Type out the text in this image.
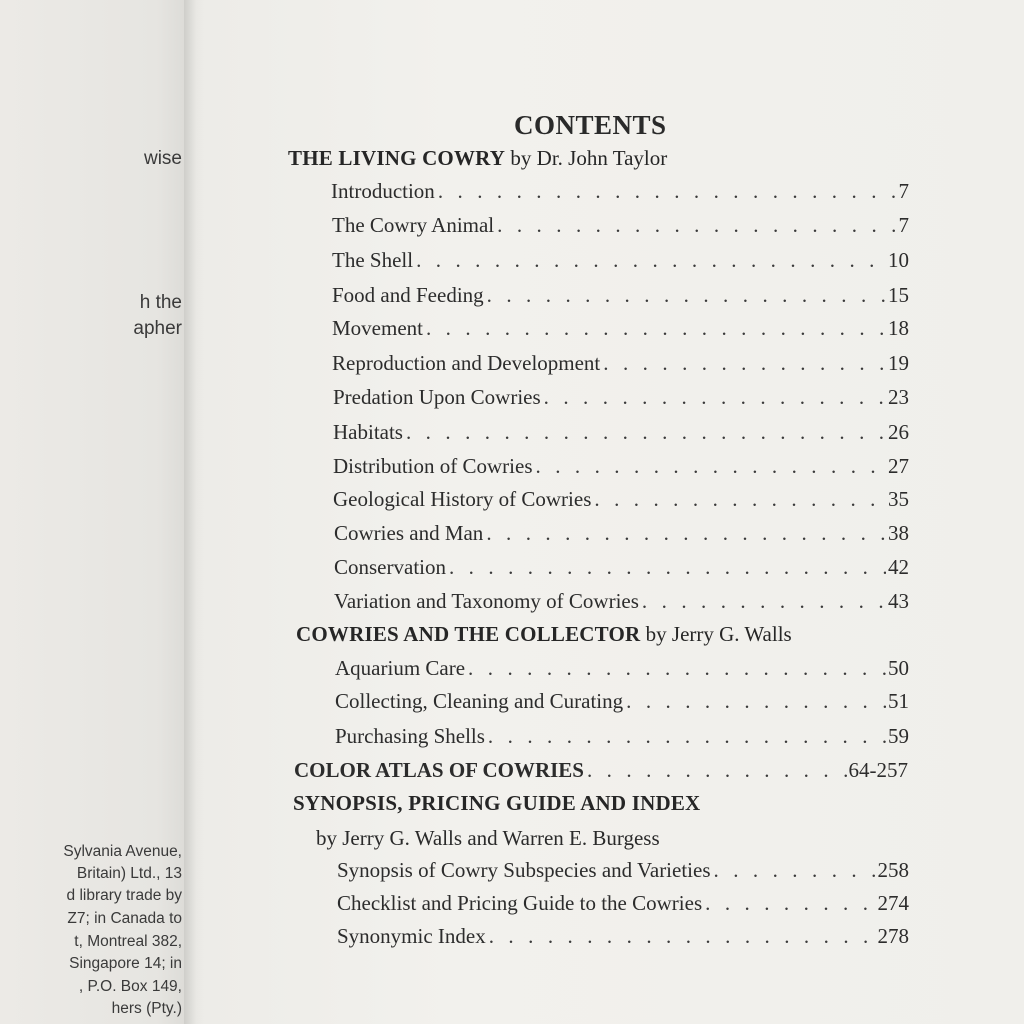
wise
h the
apher
Sylvania Avenue,
Britain) Ltd., 13
d library trade by
Z7; in Canada to
t, Montreal 382,
Singapore 14; in
, P.O. Box 149,
hers (Pty.)
CONTENTS
THE LIVING COWRY by Dr. John Taylor
Introduction . . .	7
The Cowry Animal . . .	7
The Shell . . .	10
Food and Feeding . . .	15
Movement . . .	18
Reproduction and Development . . .	19
Predation Upon Cowries . . .	23
Habitats . . .	26
Distribution of Cowries . . .	27
Geological History of Cowries . . .	35
Cowries and Man . . .	38
Conservation . . .	42
Variation and Taxonomy of Cowries . . .	43
COWRIES AND THE COLLECTOR by Jerry G. Walls
Aquarium Care . . .	50
Collecting, Cleaning and Curating . . .	51
Purchasing Shells . . .	59
COLOR ATLAS OF COWRIES . . .	64-257
SYNOPSIS, PRICING GUIDE AND INDEX
by Jerry G. Walls and Warren E. Burgess
Synopsis of Cowry Subspecies and Varieties . . .	258
Checklist and Pricing Guide to the Cowries . . .	274
Synonymic Index . . .	278
